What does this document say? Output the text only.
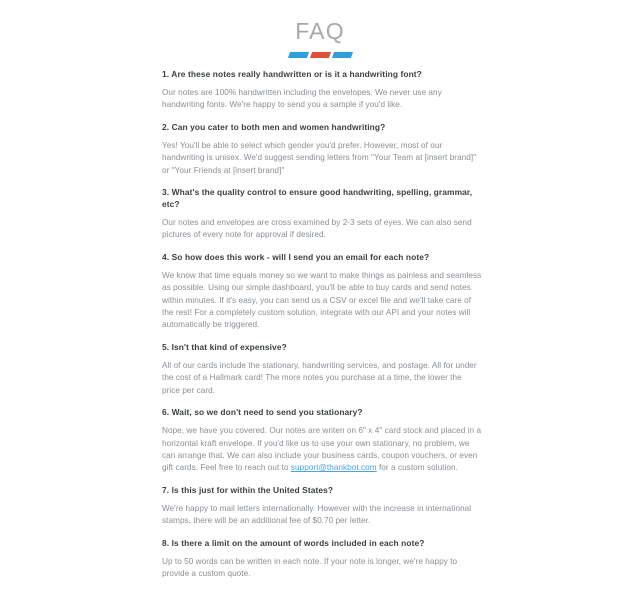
FAQ

1. Are these notes really handwritten or is it a handwriting font?

Our notes are 100% handwritten including the envelopes. We never use any handwriting fonts. We're happy to send you a sample if you'd like.

2. Can you cater to both men and women handwriting?

Yes! You'll be able to select which gender you'd prefer. However, most of our handwriting is unisex. We'd suggest sending letters from "Your Team at [insert brand]" or "Your Friends at [insert brand]"

3. What's the quality control to ensure good handwriting, spelling, grammar, etc?

Our notes and envelopes are cross examined by 2-3 sets of eyes. We can also send pictures of every note for approval if desired.

4. So how does this work - will I send you an email for each note?

We know that time equals money so we want to make things as painless and seamless as possible. Using our simple dashboard, you'll be able to buy cards and send notes within minutes. If it's easy, you can send us a CSV or excel file and we'll take care of the rest! For a completely custom solution, integrate with our API and your notes will automatically be triggered.

5. Isn't that kind of expensive?

All of our cards include the stationary, handwriting services, and postage. All for under the cost of a Hallmark card! The more notes you purchase at a time, the lower the price per card.

6. Wait, so we don't need to send you stationary?

Nope, we have you covered. Our notes are writen on 6" x 4" card stock and placed in a horizontal kraft envelope. If you'd like us to use your own stationary, no problem, we can arrange that. We can also include your business cards, coupon vouchers, or even gift cards. Feel free to reach out to support@thankbot.com for a custom solution.

7. Is this just for within the United States?

We're happy to mail letters internationally. However with the increase in international stamps, there will be an additional fee of $0.70 per letter.

8. Is there a limit on the amount of words included in each note?

Up to 50 words can be written in each note. If your note is longer, we're happy to provide a custom quote.
